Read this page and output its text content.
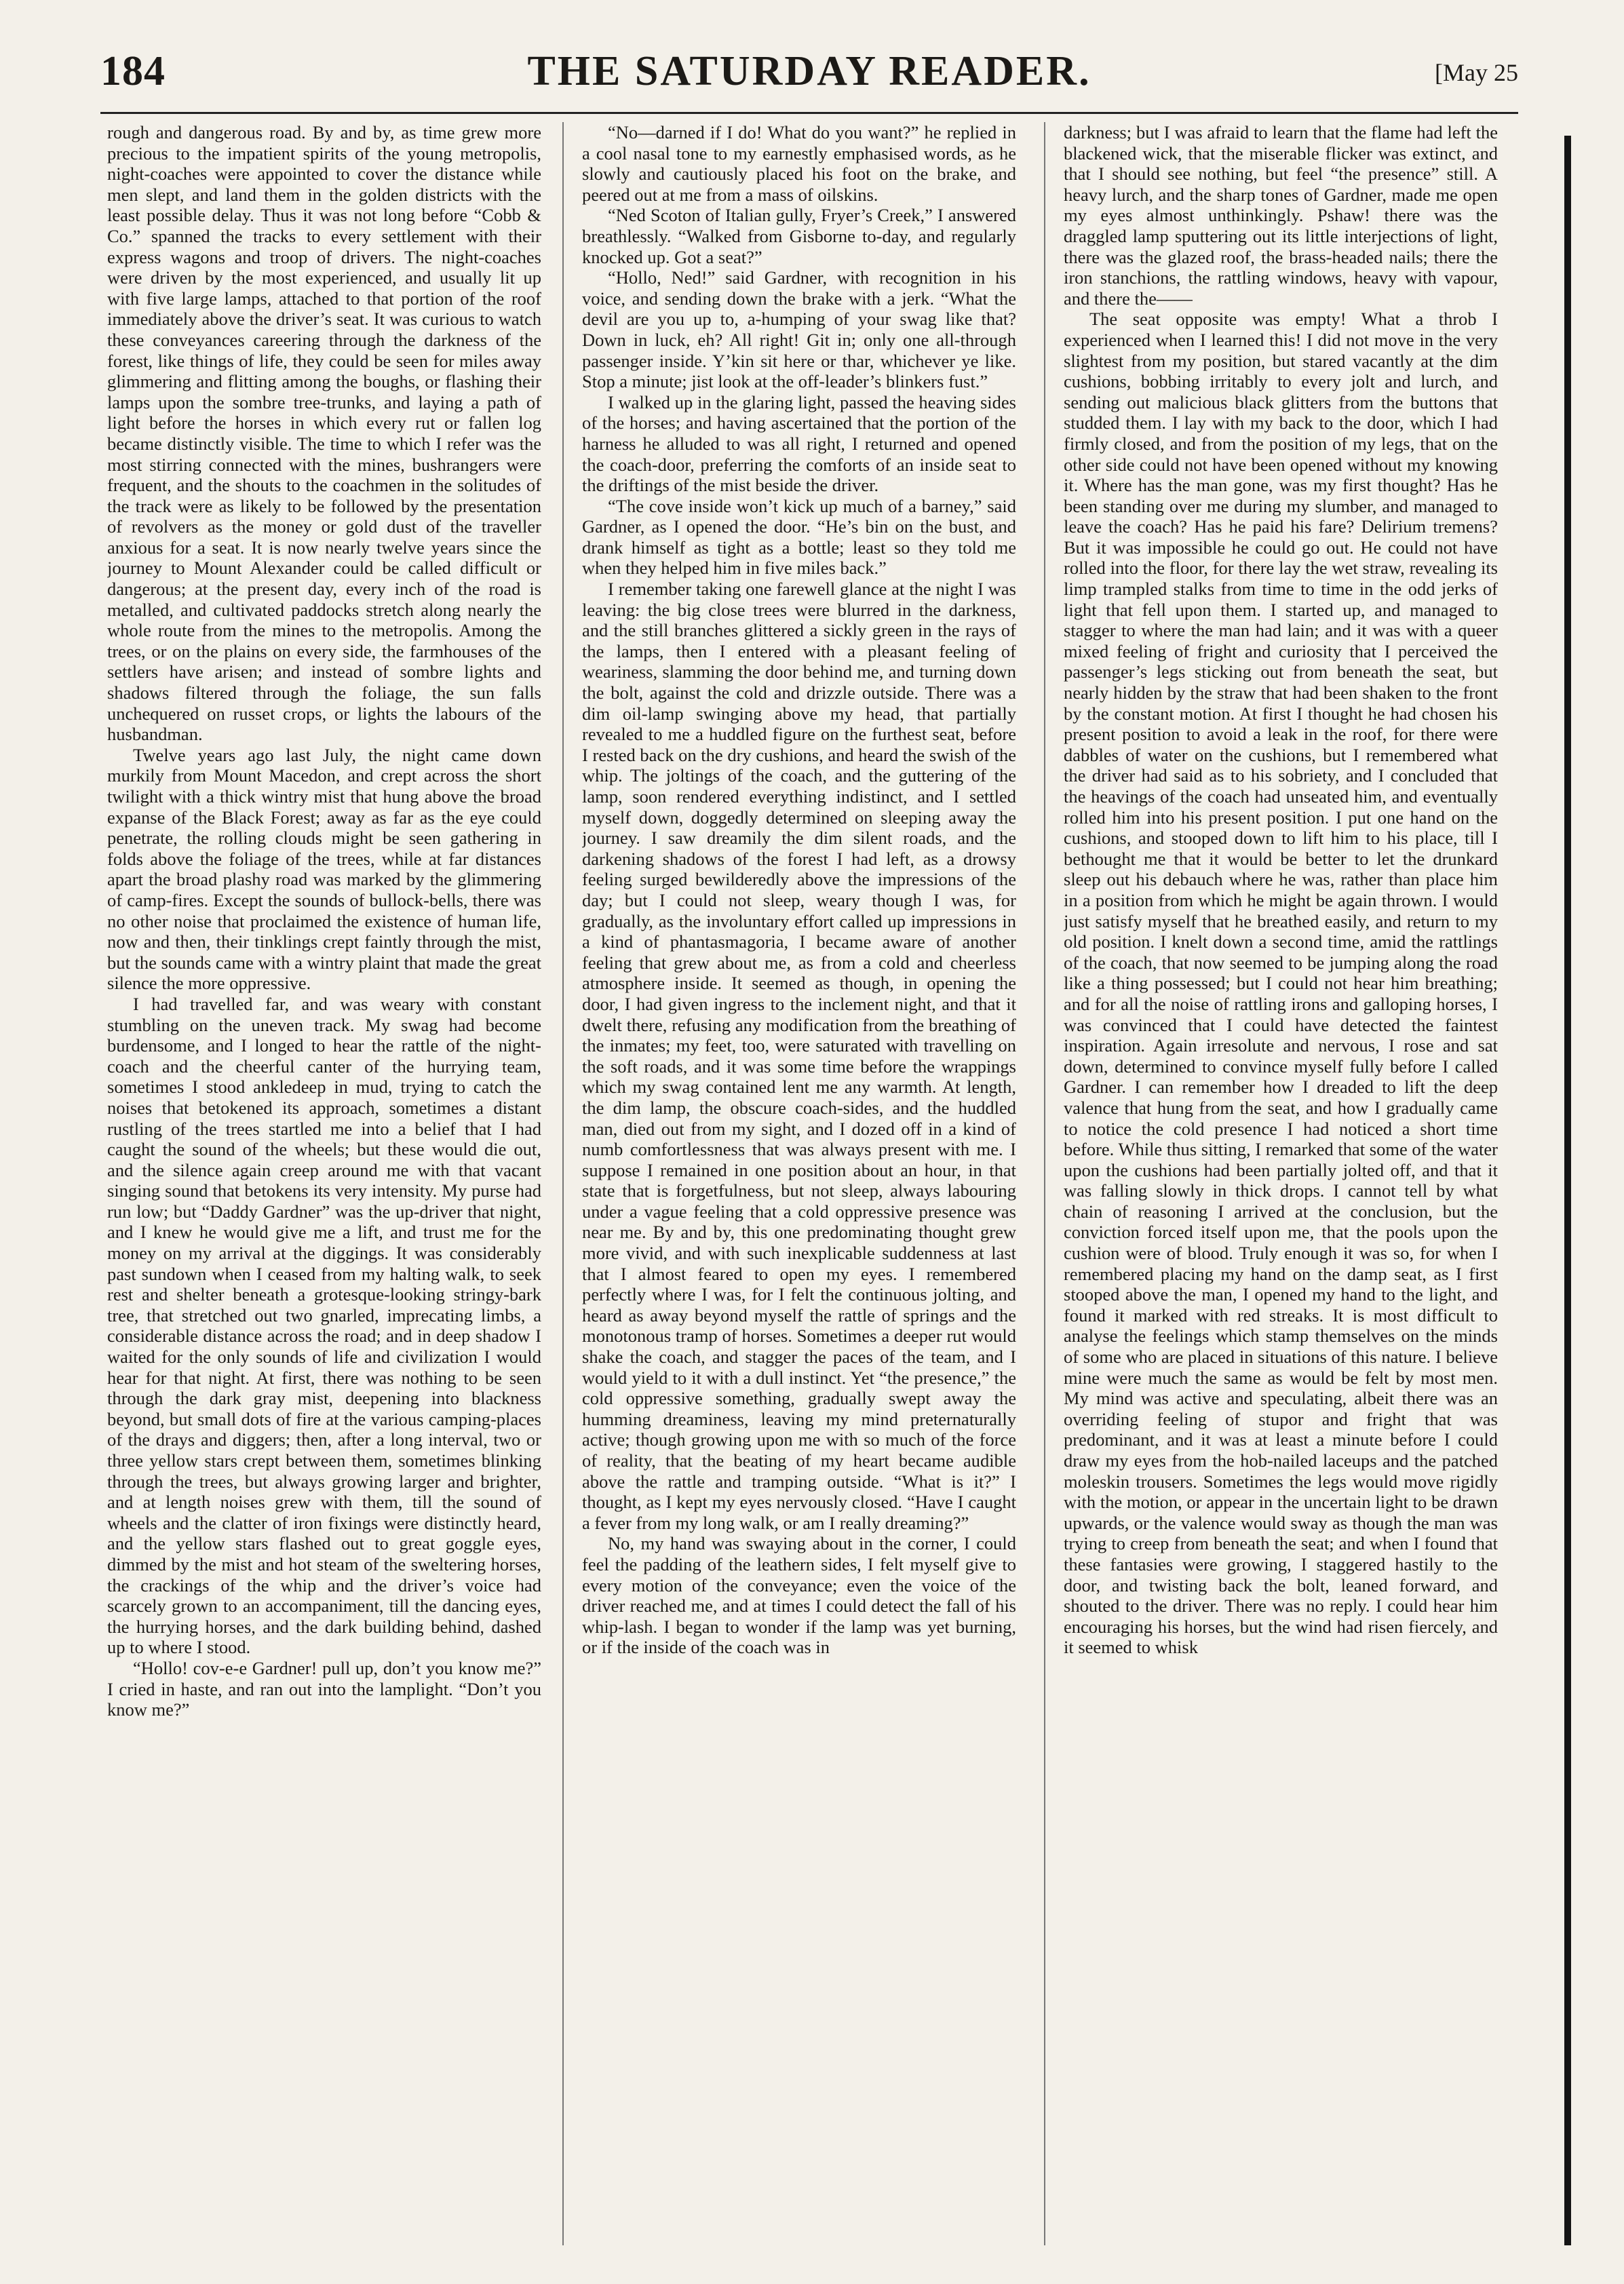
184	THE SATURDAY READER.	[May 25

rough and dangerous road. By and by, as time grew more precious to the impatient spirits of the young metropolis, night-coaches were appointed to cover the distance while men slept, and land them in the golden districts with the least possible delay. Thus it was not long before “Cobb & Co.” spanned the tracks to every settlement with their express wagons and troop of drivers. The night-coaches were driven by the most experienced, and usually lit up with five large lamps, attached to that portion of the roof immediately above the driver’s seat. It was curious to watch these conveyances careering through the darkness of the forest, like things of life, they could be seen for miles away glimmering and flitting among the boughs, or flashing their lamps upon the sombre tree-trunks, and laying a path of light before the horses in which every rut or fallen log became distinctly visible. The time to which I refer was the most stirring connected with the mines, bushrangers were frequent, and the shouts to the coachmen in the solitudes of the track were as likely to be followed by the presentation of revolvers as the money or gold dust of the traveller anxious for a seat. It is now nearly twelve years since the journey to Mount Alexander could be called difficult or dangerous; at the present day, every inch of the road is metalled, and cultivated paddocks stretch along nearly the whole route from the mines to the metropolis. Among the trees, or on the plains on every side, the farmhouses of the settlers have arisen; and instead of sombre lights and shadows filtered through the foliage, the sun falls unchequered on russet crops, or lights the labours of the husbandman.

Twelve years ago last July, the night came down murkily from Mount Macedon, and crept across the short twilight with a thick wintry mist that hung above the broad expanse of the Black Forest; away as far as the eye could penetrate, the rolling clouds might be seen gathering in folds above the foliage of the trees, while at far distances apart the broad plashy road was marked by the glimmering of camp-fires. Except the sounds of bullock-bells, there was no other noise that proclaimed the existence of human life, now and then, their tinklings crept faintly through the mist, but the sounds came with a wintry plaint that made the great silence the more oppressive.

I had travelled far, and was weary with constant stumbling on the uneven track. My swag had become burdensome, and I longed to hear the rattle of the night-coach and the cheerful canter of the hurrying team, sometimes I stood ankledeep in mud, trying to catch the noises that betokened its approach, sometimes a distant rustling of the trees startled me into a belief that I had caught the sound of the wheels; but these would die out, and the silence again creep around me with that vacant singing sound that betokens its very intensity. My purse had run low; but “Daddy Gardner” was the up-driver that night, and I knew he would give me a lift, and trust me for the money on my arrival at the diggings. It was considerably past sundown when I ceased from my halting walk, to seek rest and shelter beneath a grotesque-looking stringy-bark tree, that stretched out two gnarled, imprecating limbs, a considerable distance across the road; and in deep shadow I waited for the only sounds of life and civilization I would hear for that night. At first, there was nothing to be seen through the dark gray mist, deepening into blackness beyond, but small dots of fire at the various camping-places of the drays and diggers; then, after a long interval, two or three yellow stars crept between them, sometimes blinking through the trees, but always growing larger and brighter, and at length noises grew with them, till the sound of wheels and the clatter of iron fixings were distinctly heard, and the yellow stars flashed out to great goggle eyes, dimmed by the mist and hot steam of the sweltering horses, the crackings of the whip and the driver’s voice had scarcely grown to an accompaniment, till the dancing eyes, the hurrying horses, and the dark building behind, dashed up to where I stood.

“Hollo! cov-e-e Gardner! pull up, don’t you know me?” I cried in haste, and ran out into the lamplight. “Don’t you know me?”

“No—darned if I do! What do you want?” he replied in a cool nasal tone to my earnestly emphasised words, as he slowly and cautiously placed his foot on the brake, and peered out at me from a mass of oilskins.

“Ned Scoton of Italian gully, Fryer’s Creek,” I answered breathlessly. “Walked from Gisborne to-day, and regularly knocked up. Got a seat?”

“Hollo, Ned!” said Gardner, with recognition in his voice, and sending down the brake with a jerk. “What the devil are you up to, a-humping of your swag like that? Down in luck, eh? All right! Git in; only one all-through passenger inside. Y’kin sit here or thar, whichever ye like. Stop a minute; jist look at the off-leader’s blinkers fust.”

I walked up in the glaring light, passed the heaving sides of the horses; and having ascertained that the portion of the harness he alluded to was all right, I returned and opened the coach-door, preferring the comforts of an inside seat to the driftings of the mist beside the driver.

“The cove inside won’t kick up much of a barney,” said Gardner, as I opened the door. “He’s bin on the bust, and drank himself as tight as a bottle; least so they told me when they helped him in five miles back.”

I remember taking one farewell glance at the night I was leaving: the big close trees were blurred in the darkness, and the still branches glittered a sickly green in the rays of the lamps, then I entered with a pleasant feeling of weariness, slamming the door behind me, and turning down the bolt, against the cold and drizzle outside. There was a dim oil-lamp swinging above my head, that partially revealed to me a huddled figure on the furthest seat, before I rested back on the dry cushions, and heard the swish of the whip. The joltings of the coach, and the guttering of the lamp, soon rendered everything indistinct, and I settled myself down, doggedly determined on sleeping away the journey. I saw dreamily the dim silent roads, and the darkening shadows of the forest I had left, as a drowsy feeling surged bewilderedly above the impressions of the day; but I could not sleep, weary though I was, for gradually, as the involuntary effort called up impressions in a kind of phantasmagoria, I became aware of another feeling that grew about me, as from a cold and cheerless atmosphere inside. It seemed as though, in opening the door, I had given ingress to the inclement night, and that it dwelt there, refusing any modification from the breathing of the inmates; my feet, too, were saturated with travelling on the soft roads, and it was some time before the wrappings which my swag contained lent me any warmth. At length, the dim lamp, the obscure coach-sides, and the huddled man, died out from my sight, and I dozed off in a kind of numb comfortlessness that was always present with me. I suppose I remained in one position about an hour, in that state that is forgetfulness, but not sleep, always labouring under a vague feeling that a cold oppressive presence was near me. By and by, this one predominating thought grew more vivid, and with such inexplicable suddenness at last that I almost feared to open my eyes. I remembered perfectly where I was, for I felt the continuous jolting, and heard as away beyond myself the rattle of springs and the monotonous tramp of horses. Sometimes a deeper rut would shake the coach, and stagger the paces of the team, and I would yield to it with a dull instinct. Yet “the presence,” the cold oppressive something, gradually swept away the humming dreaminess, leaving my mind preternaturally active; though growing upon me with so much of the force of reality, that the beating of my heart became audible above the rattle and tramping outside. “What is it?” I thought, as I kept my eyes nervously closed. “Have I caught a fever from my long walk, or am I really dreaming?”

No, my hand was swaying about in the corner, I could feel the padding of the leathern sides, I felt myself give to every motion of the conveyance; even the voice of the driver reached me, and at times I could detect the fall of his whip-lash. I began to wonder if the lamp was yet burning, or if the inside of the coach was in

darkness; but I was afraid to learn that the flame had left the blackened wick, that the miserable flicker was extinct, and that I should see nothing, but feel “the presence” still. A heavy lurch, and the sharp tones of Gardner, made me open my eyes almost unthinkingly. Pshaw! there was the draggled lamp sputtering out its little interjections of light, there was the glazed roof, the brass-headed nails; there the iron stanchions, the rattling windows, heavy with vapour, and there the——

The seat opposite was empty! What a throb I experienced when I learned this! I did not move in the very slightest from my position, but stared vacantly at the dim cushions, bobbing irritably to every jolt and lurch, and sending out malicious black glitters from the buttons that studded them. I lay with my back to the door, which I had firmly closed, and from the position of my legs, that on the other side could not have been opened without my knowing it. Where has the man gone, was my first thought? Has he been standing over me during my slumber, and managed to leave the coach? Has he paid his fare? Delirium tremens? But it was impossible he could go out. He could not have rolled into the floor, for there lay the wet straw, revealing its limp trampled stalks from time to time in the odd jerks of light that fell upon them. I started up, and managed to stagger to where the man had lain; and it was with a queer mixed feeling of fright and curiosity that I perceived the passenger’s legs sticking out from beneath the seat, but nearly hidden by the straw that had been shaken to the front by the constant motion. At first I thought he had chosen his present position to avoid a leak in the roof, for there were dabbles of water on the cushions, but I remembered what the driver had said as to his sobriety, and I concluded that the heavings of the coach had unseated him, and eventually rolled him into his present position. I put one hand on the cushions, and stooped down to lift him to his place, till I bethought me that it would be better to let the drunkard sleep out his debauch where he was, rather than place him in a position from which he might be again thrown. I would just satisfy myself that he breathed easily, and return to my old position. I knelt down a second time, amid the rattlings of the coach, that now seemed to be jumping along the road like a thing possessed; but I could not hear him breathing; and for all the noise of rattling irons and galloping horses, I was convinced that I could have detected the faintest inspiration. Again irresolute and nervous, I rose and sat down, determined to convince myself fully before I called Gardner. I can remember how I dreaded to lift the deep valence that hung from the seat, and how I gradually came to notice the cold presence I had noticed a short time before. While thus sitting, I remarked that some of the water upon the cushions had been partially jolted off, and that it was falling slowly in thick drops. I cannot tell by what chain of reasoning I arrived at the conclusion, but the conviction forced itself upon me, that the pools upon the cushion were of blood. Truly enough it was so, for when I remembered placing my hand on the damp seat, as I first stooped above the man, I opened my hand to the light, and found it marked with red streaks. It is most difficult to analyse the feelings which stamp themselves on the minds of some who are placed in situations of this nature. I believe mine were much the same as would be felt by most men. My mind was active and speculating, albeit there was an overriding feeling of stupor and fright that was predominant, and it was at least a minute before I could draw my eyes from the hob-nailed laceups and the patched moleskin trousers. Sometimes the legs would move rigidly with the motion, or appear in the uncertain light to be drawn upwards, or the valence would sway as though the man was trying to creep from beneath the seat; and when I found that these fantasies were growing, I staggered hastily to the door, and twisting back the bolt, leaned forward, and shouted to the driver. There was no reply. I could hear him encouraging his horses, but the wind had risen fiercely, and it seemed to whisk
